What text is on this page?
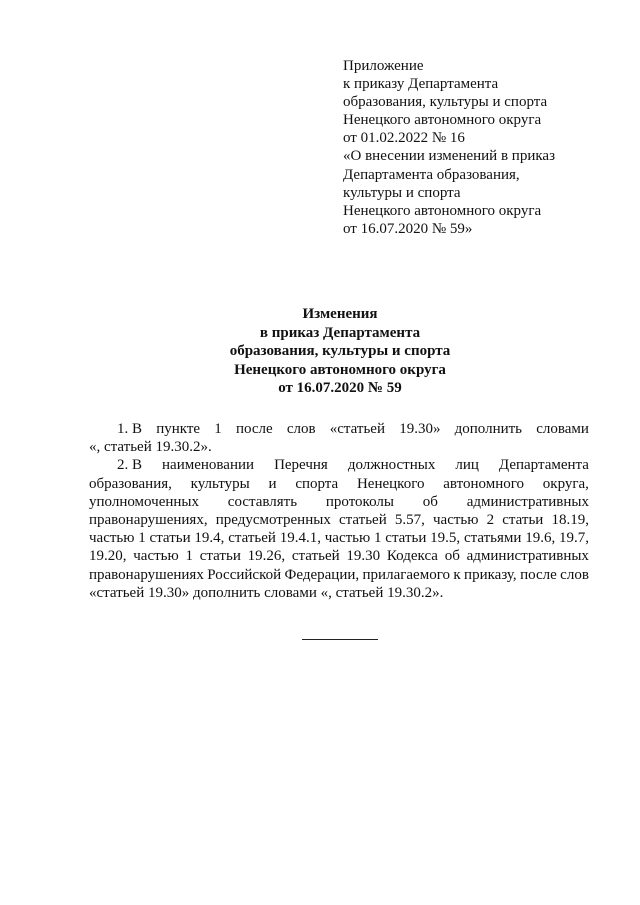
Приложение
к приказу Департамента
образования, культуры и спорта
Ненецкого автономного округа
от 01.02.2022 № 16
«О внесении изменений в приказ
Департамента образования,
культуры и спорта
Ненецкого автономного округа
от 16.07.2020 № 59»
Изменения
в приказ Департамента
образования, культуры и спорта
Ненецкого автономного округа
от 16.07.2020 № 59
1. В пункте 1 после слов «статьей 19.30» дополнить словами
«, статьей 19.30.2».
2. В наименовании Перечня должностных лиц Департамента
образования, культуры и спорта Ненецкого автономного округа,
уполномоченных составлять протоколы об административных
правонарушениях, предусмотренных статьей 5.57, частью 2 статьи 18.19,
частью 1 статьи 19.4, статьей 19.4.1, частью 1 статьи 19.5, статьями 19.6, 19.7,
19.20, частью 1 статьи 19.26, статьей 19.30 Кодекса об административных
правонарушениях Российской Федерации, прилагаемого к приказу, после слов
«статьей 19.30» дополнить словами «, статьей 19.30.2».
